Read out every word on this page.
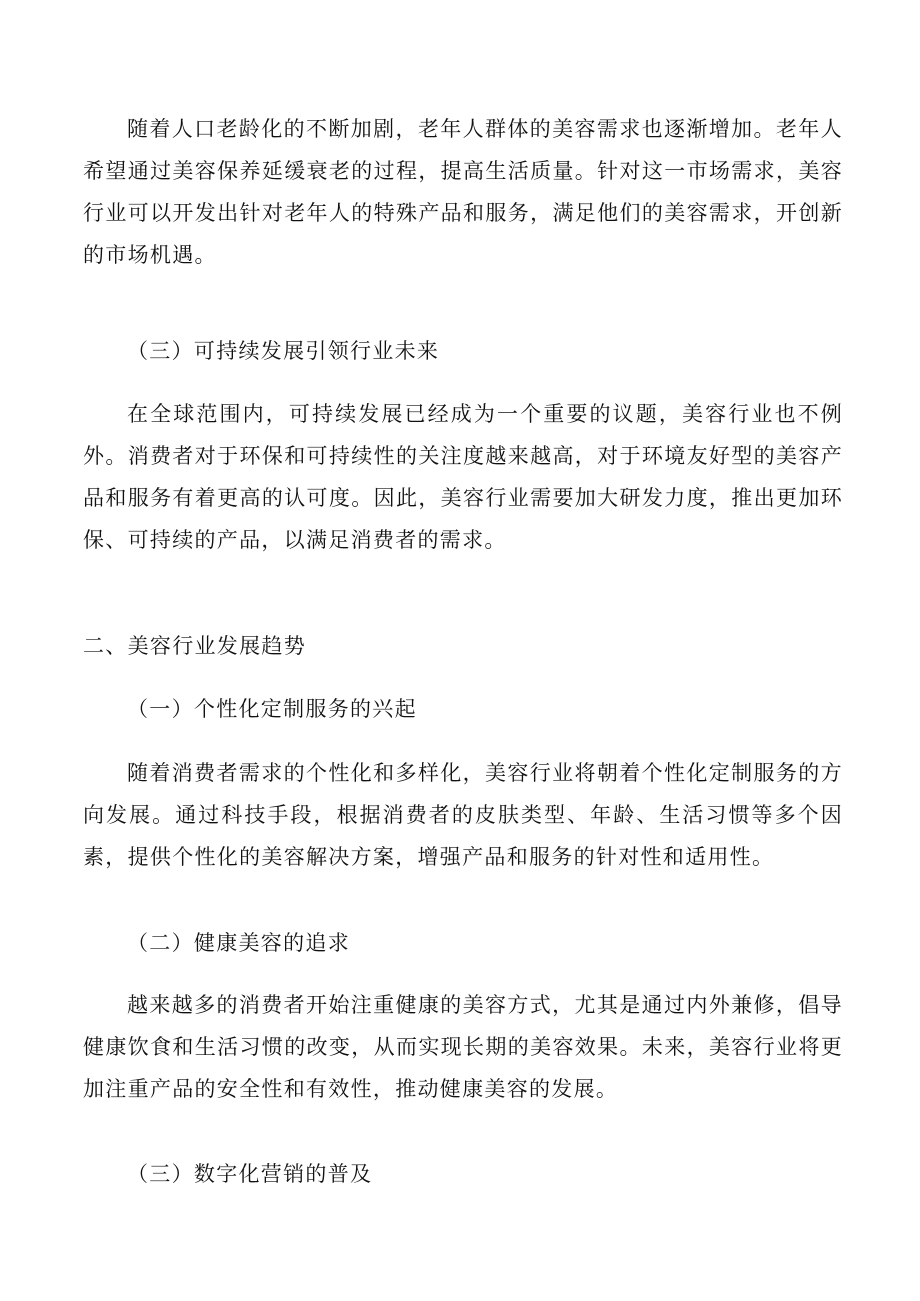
随着人口老龄化的不断加剧，老年人群体的美容需求也逐渐增加。老年人希望通过美容保养延缓衰老的过程，提高生活质量。针对这一市场需求，美容行业可以开发出针对老年人的特殊产品和服务，满足他们的美容需求，开创新的市场机遇。

（三）可持续发展引领行业未来

在全球范围内，可持续发展已经成为一个重要的议题，美容行业也不例外。消费者对于环保和可持续性的关注度越来越高，对于环境友好型的美容产品和服务有着更高的认可度。因此，美容行业需要加大研发力度，推出更加环保、可持续的产品，以满足消费者的需求。

二、美容行业发展趋势
（一）个性化定制服务的兴起

随着消费者需求的个性化和多样化，美容行业将朝着个性化定制服务的方向发展。通过科技手段，根据消费者的皮肤类型、年龄、生活习惯等多个因素，提供个性化的美容解决方案，增强产品和服务的针对性和适用性。

（二）健康美容的追求

越来越多的消费者开始注重健康的美容方式，尤其是通过内外兼修，倡导健康饮食和生活习惯的改变，从而实现长期的美容效果。未来，美容行业将更加注重产品的安全性和有效性，推动健康美容的发展。

（三）数字化营销的普及
